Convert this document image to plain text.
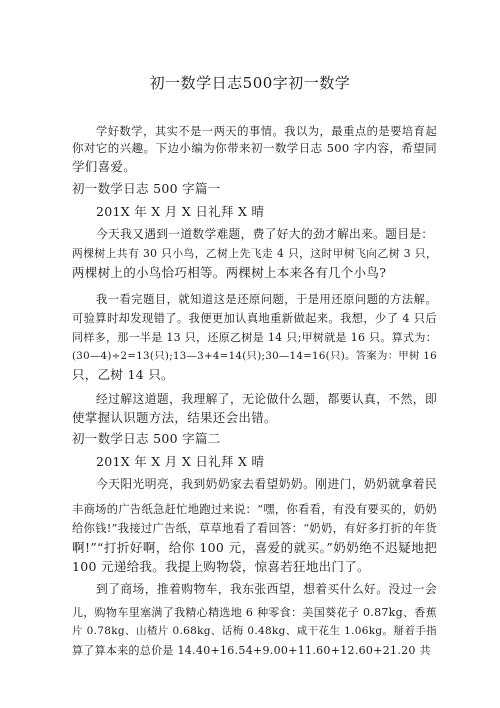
初一数学日志500字初一数学
学好数学，其实不是一两天的事情。我以为，最重点的是要培育起
你对它的兴趣。下边小编为你带来初一数学日志 500 字内容，希望同
学们喜爱。
初一数学日志 500 字篇一
201X 年 X 月 X 日礼拜 X 晴
今天我又遇到一道数学难题，费了好大的劲才解出来。题目是：
两棵树上共有 30 只小鸟，乙树上先飞走 4 只，这时甲树飞向乙树 3 只，
两棵树上的小鸟恰巧相等。两棵树上本来各有几个小鸟?
我一看完题目，就知道这是还原问题，于是用还原问题的方法解。
可验算时却发现错了。我便更加认真地重新做起来。我想，少了 4 只后
同样多，那一半是 13 只，还原乙树是 14 只;甲树就是 16 只。算式为：
(30—4)÷2=13(只);13—3+4=14(只);30—14=16(只)。答案为：甲树 16
只，乙树 14 只。
经过解这道题，我理解了，无论做什么题，都要认真，不然，即
使掌握认识题方法，结果还会出错。
初一数学日志 500 字篇二
201X 年 X 月 X 日礼拜 X 晴
今天阳光明亮，我到奶奶家去看望奶奶。刚进门，奶奶就拿着民
丰商场的广告纸急赶忙地跑过来说：“嘿，你看看，有没有要买的，奶奶
给你钱!”我接过广告纸，草草地看了看回答：“奶奶，有好多打折的年货
啊!”“打折好啊，给你 100 元，喜爱的就买。”奶奶绝不迟疑地把
100 元递给我。我提上购物袋，惊喜若狂地出门了。
到了商场，推着购物车，我东张西望，想着买什么好。没过一会
儿，购物车里塞满了我精心精选地 6 种零食：美国葵花子 0.87kg、香蕉
片 0.78kg、山楂片 0.68kg、话梅 0.48kg、咸干花生 1.06kg。掰着手指
算了算本来的总价是 14.40+16.54+9.00+11.60+12.60+21.20 共
